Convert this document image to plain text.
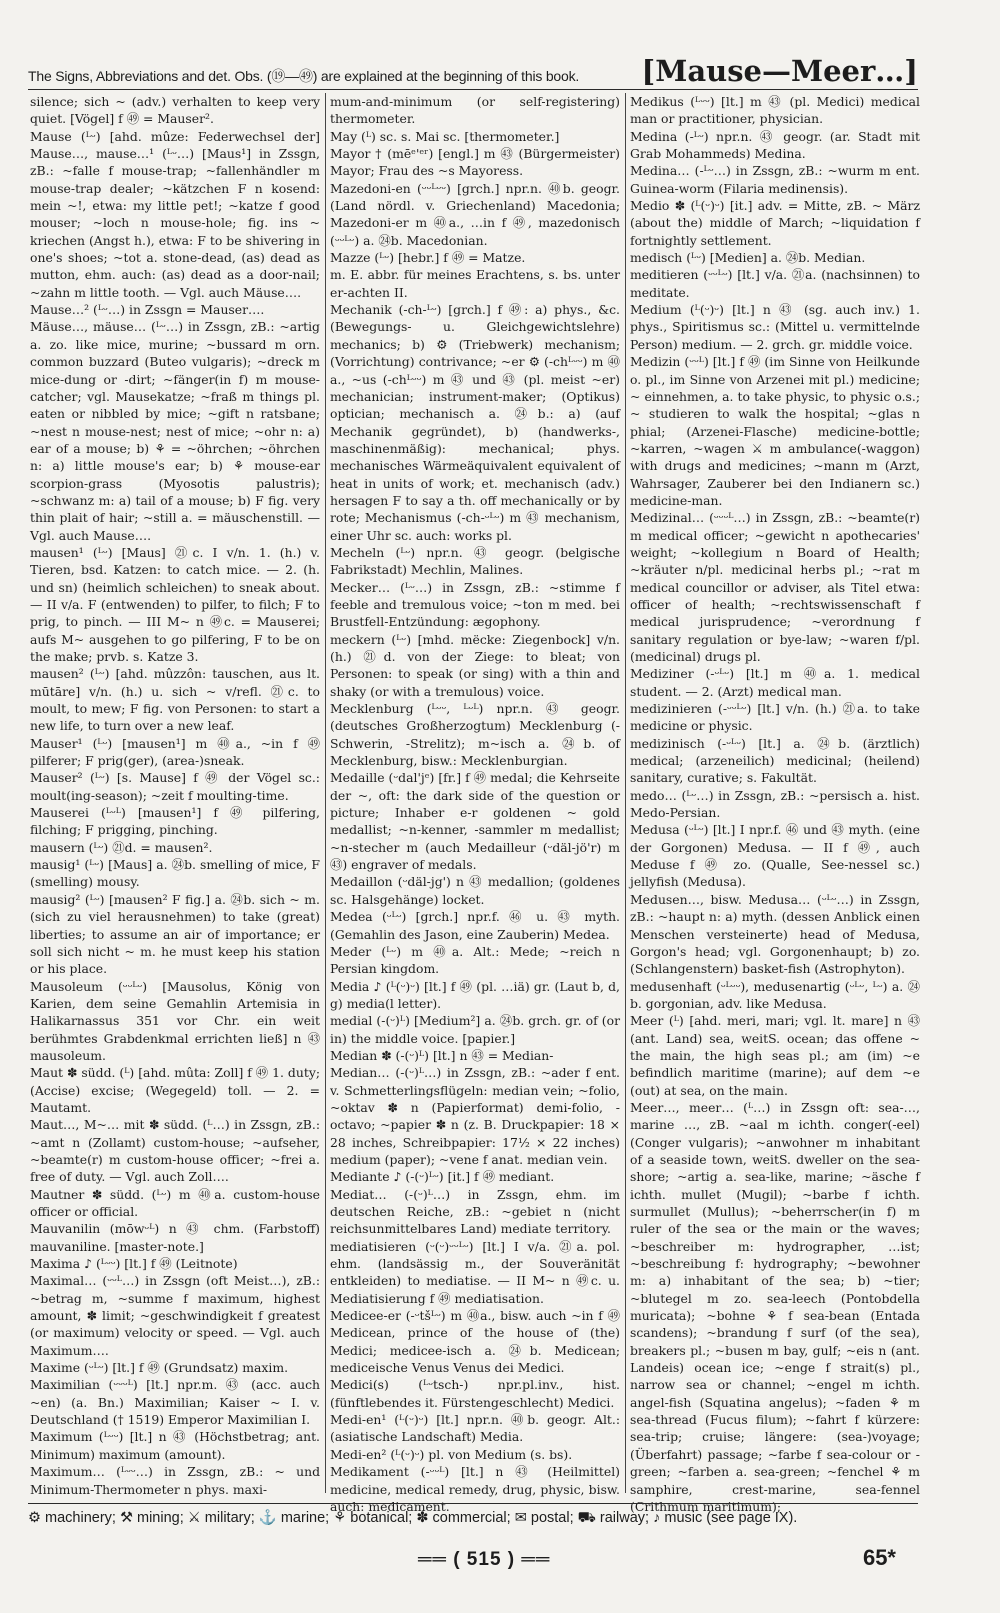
The Signs, Abbreviations and det. Obs. (⑲—㊾) are explained at the beginning of this book.	[Mause—Meer…]

silence; sich ~ (adv.) verhalten to keep very quiet. [Vögel] f ㊾ = Mauser².

Mause (ᴸᵕ) [ahd. mûze: Federwechsel der] Mause…, mause…¹ (ᴸᵕ…) [Maus¹] in Zssgn, zB.: ~falle f mouse-trap; ~fallenhändler m mouse-trap dealer; ~kätzchen F n kosend: mein ~!, etwa: my little pet!; ~katze f good mouser; ~loch n mouse-hole; fig. ins ~ kriechen (Angst h.), etwa: F to be shivering in one's shoes; ~tot a. stone-dead, (as) dead as mutton, ehm. auch: (as) dead as a door-nail; ~zahn m little tooth. — Vgl. auch Mäuse….

Mause…² (ᴸᵕ…) in Zssgn = Mauser….

Mäuse…, mäuse… (ᴸᵕ…) in Zssgn, zB.: ~artig a. zo. like mice, murine; ~bussard m orn. common buzzard (Buteo vulgaris); ~dreck m mice-dung or -dirt; ~fänger(in f) m mouse-catcher; vgl. Mausekatze; ~fraß m things pl. eaten or nibbled by mice; ~gift n ratsbane; ~nest n mouse-nest; nest of mice; ~ohr n: a) ear of a mouse; b) ⚘ = ~öhrchen; ~öhrchen n: a) little mouse's ear; b) ⚘ mouse-ear scorpion-grass (Myosotis palustris); ~schwanz m: a) tail of a mouse; b) F fig. very thin plait of hair; ~still a. = mäuschenstill. — Vgl. auch Mause….

mausen¹ (ᴸᵕ) [Maus] ㉑c. I v/n. 1. (h.) v. Tieren, bsd. Katzen: to catch mice. — 2. (h. und sn) (heimlich schleichen) to sneak about. — II v/a. F (entwenden) to pilfer, to filch; F to prig, to pinch. — III M~ n ㊾c. = Mauserei; aufs M~ ausgehen to go pilfering, F to be on the make; prvb. s. Katze 3.

mausen² (ᴸᵕ) [ahd. mûzzôn: tauschen, aus lt. mūtāre] v/n. (h.) u. sich ~ v/refl. ㉑c. to moult, to mew; F fig. von Personen: to start a new life, to turn over a new leaf.

Mauser¹ (ᴸᵕ) [mausen¹] m ㊵a., ~in f ㊾ pilferer; F prig(ger), (area-)sneak.

Mauser² (ᴸᵕ) [s. Mause] f ㊾ der Vögel sc.: moult(ing-season); ~zeit f moulting-time.

Mauserei (ᴸᵕᴸ) [mausen¹] f ㊾ pilfering, filching; F prigging, pinching.

mausern (ᴸᵕ) ㉑d. = mausen².

mausig¹ (ᴸᵕ) [Maus] a. ㉔b. smelling of mice, F (smelling) mousy.

mausig² (ᴸᵕ) [mausen² F fig.] a. ㉔b. sich ~ m. (sich zu viel herausnehmen) to take (great) liberties; to assume an air of importance; er soll sich nicht ~ m. he must keep his station or his place.

Mausoleum (ᵕᵕᴸᵕ) [Mausolus, König von Karien, dem seine Gemahlin Artemisia in Halikarnassus 351 vor Chr. ein weit berühmtes Grabdenkmal errichten ließ] n ㊸ mausoleum.

Maut ✽ südd. (ᴸ) [ahd. mûta: Zoll] f ㊾ 1. duty; (Accise) excise; (Wegegeld) toll. — 2. = Mautamt.

Maut…, M~… mit ✽ südd. (ᴸ…) in Zssgn, zB.: ~amt n (Zollamt) custom-house; ~aufseher, ~beamte(r) m custom-house officer; ~frei a. free of duty. — Vgl. auch Zoll….

Mautner ✽ südd. (ᴸᵕ) m ㊵a. custom-house officer or official.

Mauvanilin (mōwᵕᴸ) n ㊸ chm. (Farbstoff) mauvaniline. [master-note.]

Maxima ♪ (ᴸᵕᵕ) [lt.] f ㊾ (Leitnote)

Maximal… (ᵕᵕᴸ…) in Zssgn (oft Meist…), zB.: ~betrag m, ~summe f maximum, highest amount, ✽ limit; ~geschwindigkeit f greatest (or maximum) velocity or speed. — Vgl. auch Maximum….

Maxime (ᵕᴸᵕ) [lt.] f ㊾ (Grundsatz) maxim.

Maximilian (ᵕᵕᵕᴸ) [lt.] npr.m. ㊸ (acc. auch ~en) (a. Bn.) Maximilian; Kaiser ~ I. v. Deutschland († 1519) Emperor Maximilian I.

Maximum (ᴸᵕᵕ) [lt.] n ㊸ (Höchstbetrag; ant. Minimum) maximum (amount).

Maximum… (ᴸᵕᵕ…) in Zssgn, zB.: ~ und Minimum-Thermometer n phys. maxi-

mum-and-minimum (or self-registering) thermometer.

May (ᴸ) sc. s. Mai sc. [thermometer.]

Mayor † (mēᵉ'ᵉʳ) [engl.] m ㊸ (Bürgermeister) Mayor; Frau des ~s Mayoress.

Mazedoni-en (ᵕᵕᴸᵕᵕ) [grch.] npr.n. ㊵b. geogr. (Land nördl. v. Griechenland) Macedonia; Mazedoni-er m ㊵a., …in f ㊾, mazedonisch (ᵕᵕᴸᵕ) a. ㉔b. Macedonian.

Mazze (ᴸᵕ) [hebr.] f ㊾ = Matze.

m. E. abbr. für meines Erachtens, s. bs. unter er-achten II.

Mechanik (-ch-ᴸᵕ) [grch.] f ㊾: a) phys., &c. (Bewegungs- u. Gleichgewichtslehre) mechanics; b) ⚙ (Triebwerk) mechanism; (Vorrichtung) contrivance; ~er ⚙ (-chᴸᵕᵕ) m ㊵a., ~us (-chᴸᵕᵕ) m ㊸ und ㊸ (pl. meist ~er) mechanician; instrument-maker; (Optikus) optician; mechanisch a. ㉔b.: a) (auf Mechanik gegründet), b) (handwerks-, maschinenmäßig): mechanical; phys. mechanisches Wärmeäquivalent equivalent of heat in units of work; et. mechanisch (adv.) hersagen F to say a th. off mechanically or by rote; Mechanismus (-ch-ᵕᴸᵕ) m ㊸ mechanism, einer Uhr sc. auch: works pl.

Mecheln (ᴸᵕ) npr.n. ㊸ geogr. (belgische Fabrikstadt) Mechlin, Malines.

Mecker… (ᴸᵕ…) in Zssgn, zB.: ~stimme f feeble and tremulous voice; ~ton m med. bei Brustfell-Entzündung: ægophony.

meckern (ᴸᵕ) [mhd. mëcke: Ziegenbock] v/n. (h.) ㉑d. von der Ziege: to bleat; von Personen: to speak (or sing) with a thin and shaky (or with a tremulous) voice.

Mecklenburg (ᴸᵕᵕ, ᴸᵕᴸ) npr.n. ㊸ geogr. (deutsches Großherzogtum) Mecklenburg (-Schwerin, -Strelitz); m~isch a. ㉔b. of Mecklenburg, bisw.: Mecklenburgian.

Medaille (ᵕdal'jᵉ) [fr.] f ㊾ medal; die Kehrseite der ~, oft: the dark side of the question or picture; Inhaber e-r goldenen ~ gold medallist; ~n-kenner, -sammler m medallist; ~n-stecher m (auch Medailleur (ᵕdäl-jö'r) m ㊸) engraver of medals.

Medaillon (ᵕdäl-jg') n ㊸ medallion; (goldenes sc. Halsgehänge) locket.

Medea (ᵕᴸᵕ) [grch.] npr.f. ㊻ u. ㊸ myth. (Gemahlin des Jason, eine Zauberin) Medea.

Meder (ᴸᵕ) m ㊵a. Alt.: Mede; ~reich n Persian kingdom.

Media ♪ (ᴸ(ᵕ)ᵕ) [lt.] f ㊾ (pl. …iä) gr. (Laut b, d, g) media(l letter).

medial (-(ᵕ)ᴸ) [Medium²] a. ㉔b. grch. gr. of (or in) the middle voice. [papier.]

Median ✽ (-(ᵕ)ᴸ) [lt.] n ㊸ = Median-

Median… (-(ᵕ)ᴸ…) in Zssgn, zB.: ~ader f ent. v. Schmetterlingsflügeln: median vein; ~folio, ~oktav ✽ n (Papierformat) demi-folio, -octavo; ~papier ✽ n (z. B. Druckpapier: 18 × 28 inches, Schreibpapier: 17½ × 22 inches) medium (paper); ~vene f anat. median vein.

Mediante ♪ (-(ᵕ)ᴸᵕ) [it.] f ㊾ mediant.

Mediat… (-(ᵕ)ᴸ…) in Zssgn, ehm. im deutschen Reiche, zB.: ~gebiet n (nicht reichsunmittelbares Land) mediate territory.

mediatisieren (ᵕ(ᵕ)ᵕᵕᴸᵕ) [lt.] I v/a. ㉑a. pol. ehm. (landsässig m., der Souveränität entkleiden) to mediatise. — II M~ n ㊾c. u. Mediatisierung f ㊾ mediatisation.

Medicee-er (-ᵕtšᴸᵕ) m ㊵a., bisw. auch ~in f ㊾ Medicean, prince of the house of (the) Medici; medicee-isch a. ㉔b. Medicean; mediceische Venus Venus dei Medici.

Medici(s) (ᴸᵕtsch-) npr.pl.inv., hist. (fünftlebendes it. Fürstengeschlecht) Medici.

Medi-en¹ (ᴸ(ᵕ)ᵕ) [lt.] npr.n. ㊵b. geogr. Alt.: (asiatische Landschaft) Media.

Medi-en² (ᴸ(ᵕ)ᵕ) pl. von Medium (s. bs).

Medikament (-ᵕᵕᴸ) [lt.] n ㊸ (Heilmittel) medicine, medical remedy, drug, physic, bisw. auch: medicament.

Medikus (ᴸᵕᵕ) [lt.] m ㊸ (pl. Medici) medical man or practitioner, physician.

Medina (-ᴸᵕ) npr.n. ㊸ geogr. (ar. Stadt mit Grab Mohammeds) Medina.

Medina… (-ᴸᵕ…) in Zssgn, zB.: ~wurm m ent. Guinea-worm (Filaria medinensis).

Medio ✽ (ᴸ(ᵕ)ᵕ) [it.] adv. = Mitte, zB. ~ März (about the) middle of March; ~liquidation f fortnightly settlement.

medisch (ᴸᵕ) [Medien] a. ㉔b. Median.

meditieren (ᵕᵕᴸᵕ) [lt.] v/a. ㉑a. (nachsinnen) to meditate.

Medium (ᴸ(ᵕ)ᵕ) [lt.] n ㊸ (sg. auch inv.) 1. phys., Spiritismus sc.: (Mittel u. vermittelnde Person) medium. — 2. grch. gr. middle voice.

Medizin (ᵕᵕᴸ) [lt.] f ㊾ (im Sinne von Heilkunde o. pl., im Sinne von Arzenei mit pl.) medicine; ~ einnehmen, a. to take physic, to physic o.s.; ~ studieren to walk the hospital; ~glas n phial; (Arzenei-Flasche) medicine-bottle; ~karren, ~wagen ⚔ m ambulance(-waggon) with drugs and medicines; ~mann m (Arzt, Wahrsager, Zauberer bei den Indianern sc.) medicine-man.

Medizinal… (ᵕᵕᵕᴸ…) in Zssgn, zB.: ~beamte(r) m medical officer; ~gewicht n apothecaries' weight; ~kollegium n Board of Health; ~kräuter n/pl. medicinal herbs pl.; ~rat m medical councillor or adviser, als Titel etwa: officer of health; ~rechtswissenschaft f medical jurisprudence; ~verordnung f sanitary regulation or bye-law; ~waren f/pl. (medicinal) drugs pl.

Mediziner (-ᵕᴸᵕ) [lt.] m ㊵a. 1. medical student. — 2. (Arzt) medical man.

medizinieren (-ᵕᵕᴸᵕ) [lt.] v/n. (h.) ㉑a. to take medicine or physic.

medizinisch (-ᵕᴸᵕ) [lt.] a. ㉔b. (ärztlich) medical; (arzeneilich) medicinal; (heilend) sanitary, curative; s. Fakultät.

medo… (ᴸᵕ…) in Zssgn, zB.: ~persisch a. hist. Medo-Persian.

Medusa (ᵕᴸᵕ) [lt.] I npr.f. ㊻ und ㊸ myth. (eine der Gorgonen) Medusa. — II f ㊾, auch Meduse f ㊾ zo. (Qualle, See-nessel sc.) jellyfish (Medusa).

Medusen…, bisw. Medusa… (ᵕᴸᵕ…) in Zssgn, zB.: ~haupt n: a) myth. (dessen Anblick einen Menschen versteinerte) head of Medusa, Gorgon's head; vgl. Gorgonenhaupt; b) zo. (Schlangenstern) basket-fish (Astrophyton).

medusenhaft (ᵕᴸᵕᵕ), medusenartig (ᵕᴸᵕ, ᴸᵕ) a. ㉔b. gorgonian, adv. like Medusa.

Meer (ᴸ) [ahd. meri, mari; vgl. lt. mare] n ㊸ (ant. Land) sea, weitS. ocean; das offene ~ the main, the high seas pl.; am (im) ~e befindlich maritime (marine); auf dem ~e (out) at sea, on the main.

Meer…, meer… (ᴸ…) in Zssgn oft: sea-…, marine …, zB. ~aal m ichth. conger(-eel) (Conger vulgaris); ~anwohner m inhabitant of a seaside town, weitS. dweller on the sea-shore; ~artig a. sea-like, marine; ~äsche f ichth. mullet (Mugil); ~barbe f ichth. surmullet (Mullus); ~beherrscher(in f) m ruler of the sea or the main or the waves; ~beschreiber m: hydrographer, …ist; ~beschreibung f: hydrography; ~bewohner m: a) inhabitant of the sea; b) ~tier; ~blutegel m zo. sea-leech (Pontobdella muricata); ~bohne ⚘ f sea-bean (Entada scandens); ~brandung f surf (of the sea), breakers pl.; ~busen m bay, gulf; ~eis n (ant. Landeis) ocean ice; ~enge f strait(s) pl., narrow sea or channel; ~engel m ichth. angel-fish (Squatina angelus); ~faden ⚘ m sea-thread (Fucus filum); ~fahrt f kürzere: sea-trip; cruise; längere: (sea-)voyage; (Überfahrt) passage; ~farbe f sea-colour or -green; ~farben a. sea-green; ~fenchel ⚘ m samphire, crest-marine, sea-fennel (Crithmum maritimum);

⚙ machinery; ⚒ mining; ⚔ military; ⚓ marine; ⚘ botanical; ✽ commercial; ✉ postal; ⛟ railway; ♪ music (see page IX).
══ ( 515 ) ══	65*
